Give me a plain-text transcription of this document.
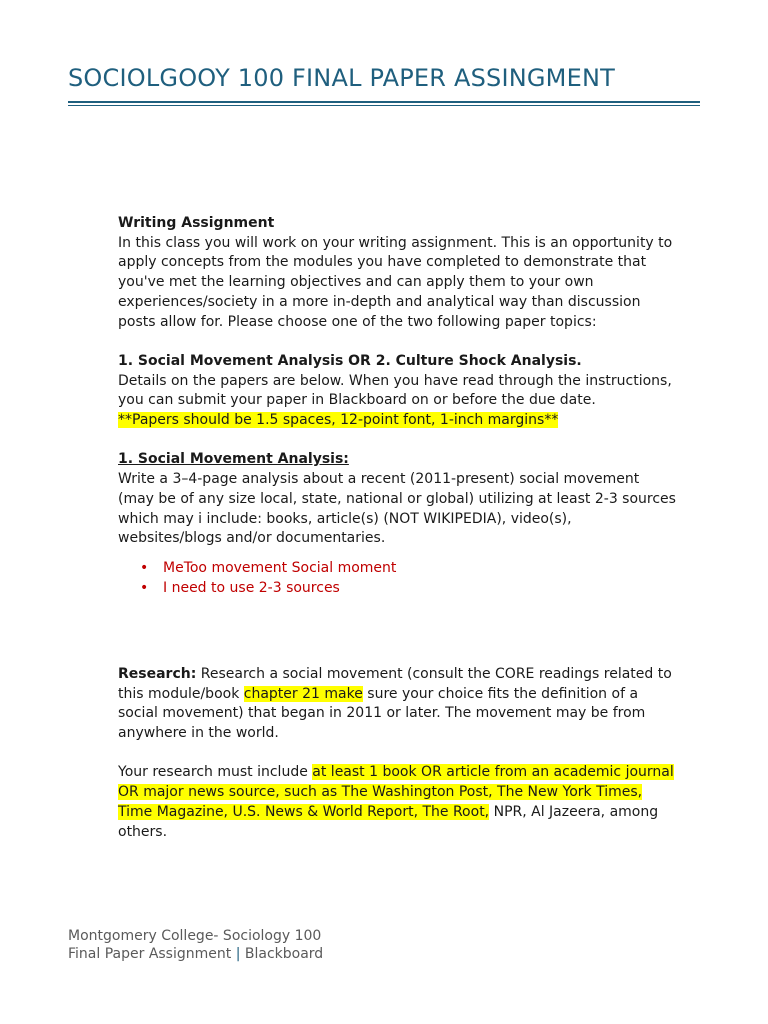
SOCIOLGOOY 100 FINAL PAPER ASSINGMENT

Writing Assignment

In this class you will work on your writing assignment. This is an opportunity to apply concepts from the modules you have completed to demonstrate that you've met the learning objectives and can apply them to your own experiences/society in a more in-depth and analytical way than discussion posts allow for. Please choose one of the two following paper topics:

1. Social Movement Analysis OR 2. Culture Shock Analysis.

Details on the papers are below. When you have read through the instructions, you can submit your paper in Blackboard on or before the due date.

**Papers should be 1.5 spaces, 12-point font, 1-inch margins**

1. Social Movement Analysis:

Write a 3–4-page analysis about a recent (2011-present) social movement (may be of any size local, state, national or global) utilizing at least 2-3 sources which may i include: books, article(s) (NOT WIKIPEDIA), video(s), websites/blogs and/or documentaries.

• MeToo movement Social moment
• I need to use 2-3 sources

Research: Research a social movement (consult the CORE readings related to this module/book chapter 21 make sure your choice fits the definition of a social movement) that began in 2011 or later. The movement may be from anywhere in the world.

Your research must include at least 1 book OR article from an academic journal OR major news source, such as The Washington Post, The New York Times, Time Magazine, U.S. News & World Report, The Root, NPR, Al Jazeera, among others.

Montgomery College- Sociology 100
Final Paper Assignment | Blackboard
